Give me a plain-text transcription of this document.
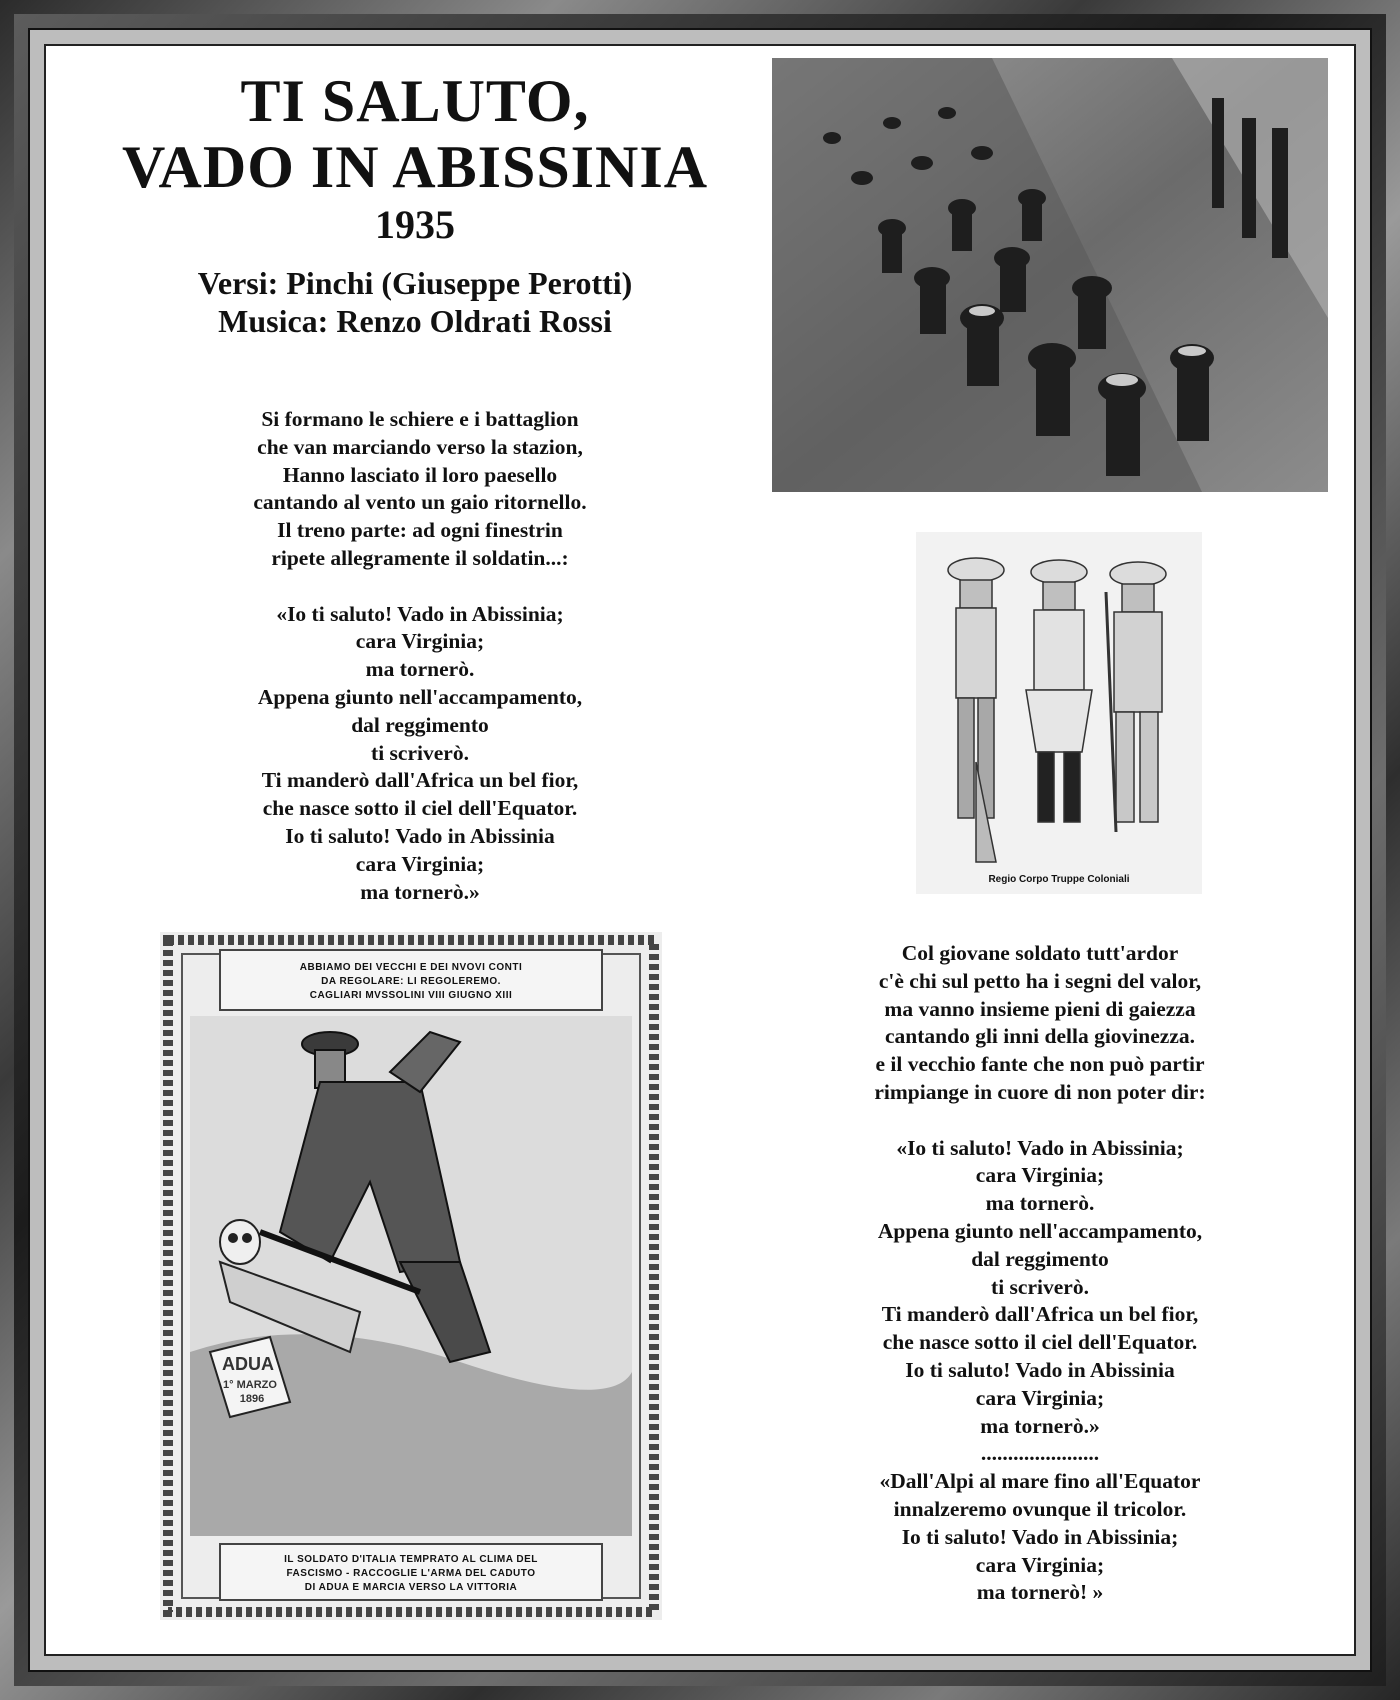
TI SALUTO,
VADO IN ABISSINIA
1935
Versi: Pinchi (Giuseppe Perotti)
Musica: Renzo Oldrati Rossi
Si formano le schiere e i battaglion
che van marciando verso la stazion,
Hanno lasciato il loro paesello
cantando al vento un gaio ritornello.
Il treno parte: ad ogni finestrin
ripete allegramente il soldatin...:

«Io ti saluto! Vado in Abissinia;
cara Virginia;
ma tornerò.
Appena giunto nell'accampamento,
dal reggimento
ti scriverò.
Ti manderò dall'Africa un bel fior,
che nasce sotto il ciel dell'Equator.
Io ti saluto! Vado in Abissinia
cara Virginia;
ma tornerò.»
Col giovane soldato tutt'ardor
c'è chi sul petto ha i segni del valor,
ma vanno insieme pieni di gaiezza
cantando gli inni della giovinezza.
e il vecchio fante che non può partir
rimpiange in cuore di non poter dir:

«Io ti saluto! Vado in Abissinia;
cara Virginia;
ma tornerò.
Appena giunto nell'accampamento,
dal reggimento
ti scriverò.
Ti manderò dall'Africa un bel fior,
che nasce sotto il ciel dell'Equator.
Io ti saluto! Vado in Abissinia
cara Virginia;
ma tornerò.»
......................
«Dall'Alpi al mare fino all'Equator
innalzeremo ovunque il tricolor.
Io ti saluto! Vado in Abissinia;
cara Virginia;
ma tornerò! »
Regio Corpo Truppe Coloniali
ABBIAMO DEI VECCHI E DEI NVOVI CONTI
DA REGOLARE: LI REGOLEREMO.
CAGLIARI MVSSOLINI VIII GIUGNO XIII
ADUA
1° MARZO
1896
IL SOLDATO D'ITALIA TEMPRATO AL CLIMA DEL
FASCISMO - RACCOGLIE L'ARMA DEL CADUTO
DI ADUA E MARCIA VERSO LA VITTORIA
